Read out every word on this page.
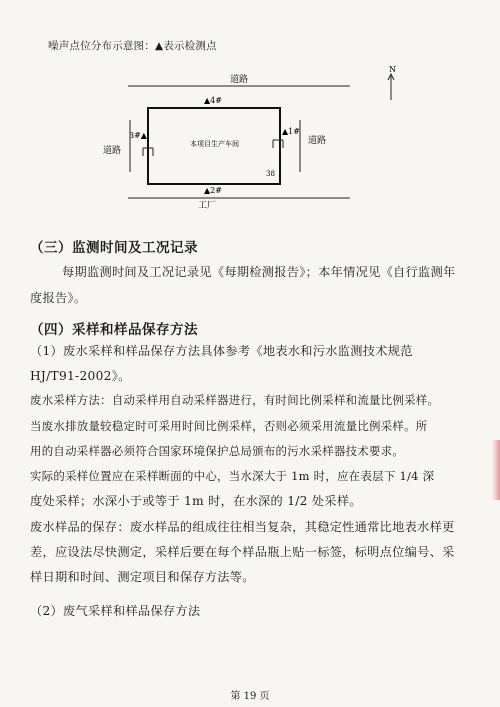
噪声点位分布示意图：▲表示检测点
道路
本项目生产车间
道路
道路
工厂
38
▲4#
▲1#
3#▲
▲2#
N
（三）监测时间及工况记录
每期监测时间及工况记录见《每期检测报告》；本年情况见《自行监测年
度报告》。
（四）采样和样品保存方法
（1）废水采样和样品保存方法具体参考《地表水和污水监测技术规范
HJ/T91-2002》。
废水采样方法：自动采样用自动采样器进行，有时间比例采样和流量比例采样。
当废水排放量较稳定时可采用时间比例采样，否则必须采用流量比例采样。所
用的自动采样器必须符合国家环境保护总局颁布的污水采样器技术要求。
实际的采样位置应在采样断面的中心，当水深大于 1m 时，应在表层下 1/4 深
度处采样；水深小于或等于 1m 时，在水深的 1/2 处采样。
废水样品的保存：废水样品的组成往往相当复杂，其稳定性通常比地表水样更
差，应设法尽快测定，采样后要在每个样品瓶上贴一标签，标明点位编号、采
样日期和时间、测定项目和保存方法等。
（2）废气采样和样品保存方法
第 19 页
